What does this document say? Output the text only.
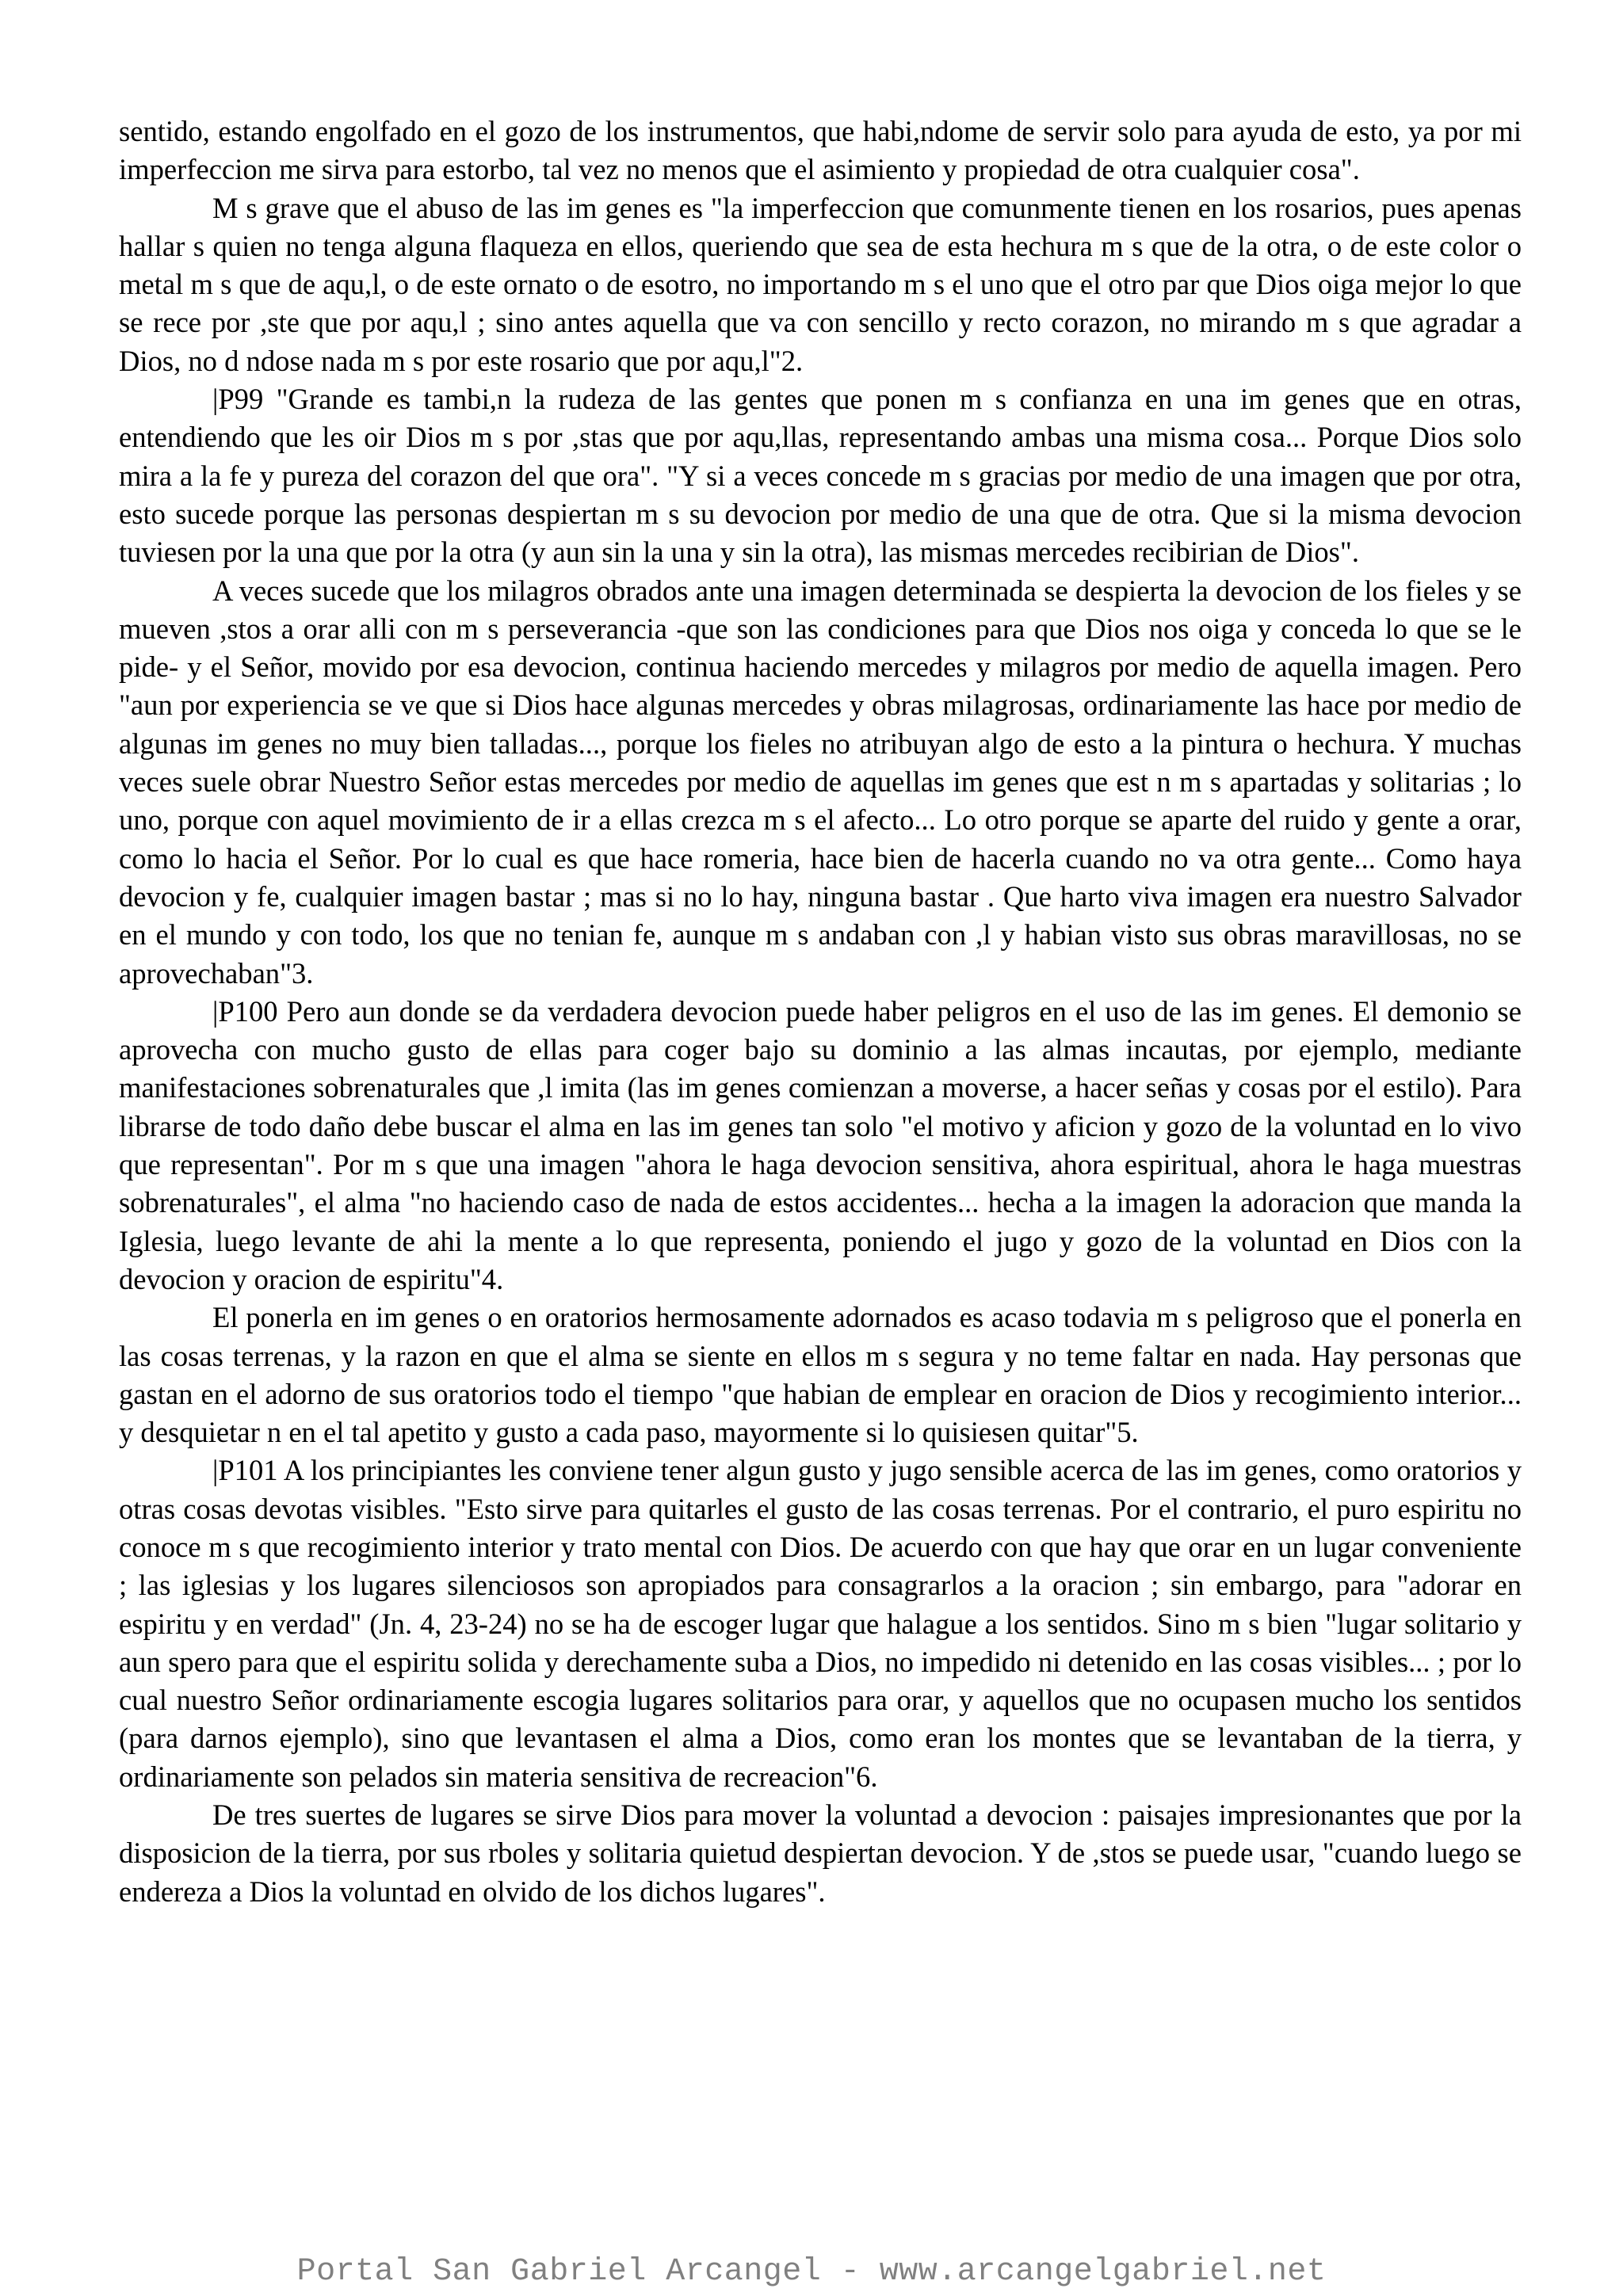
sentido, estando engolfado en el gozo de los instrumentos, que habi,ndome de servir solo para ayuda de esto, ya por mi imperfeccion me sirva para estorbo, tal vez no menos que el asimiento y propiedad de otra cualquier cosa".

M s grave que el abuso de las im genes es "la imperfeccion que comunmente tienen en los rosarios, pues apenas hallar s quien no tenga alguna flaqueza en ellos, queriendo que sea de esta hechura m s que de la otra, o de este color o metal m s que de aqu,l, o de este ornato o de esotro, no importando m s el uno que el otro par que Dios oiga mejor lo que se rece por ,ste que por aqu,l ; sino antes aquella que va con sencillo y recto corazon, no mirando m s que agradar a Dios, no d ndose nada m s por este rosario que por aqu,l"2.

|P99 "Grande es tambi,n la rudeza de las gentes que ponen m s confianza en una im genes que en otras, entendiendo que les oir Dios m s por ,stas que por aqu,llas, representando ambas una misma cosa... Porque Dios solo mira a la fe y pureza del corazon del que ora". "Y si a veces concede m s gracias por medio de una imagen que por otra, esto sucede porque las personas despiertan m s su devocion por medio de una que de otra. Que si la misma devocion tuviesen por la una que por la otra (y aun sin la una y sin la otra), las mismas mercedes recibirian de Dios".

A veces sucede que los milagros obrados ante una imagen determinada se despierta la devocion de los fieles y se mueven ,stos a orar alli con m s perseverancia -que son las condiciones para que Dios nos oiga y conceda lo que se le pide- y el Señor, movido por esa devocion, continua haciendo mercedes y milagros por medio de aquella imagen. Pero "aun por experiencia se ve que si Dios hace algunas mercedes y obras milagrosas, ordinariamente las hace por medio de algunas im genes no muy bien talladas..., porque los fieles no atribuyan algo de esto a la pintura o hechura. Y muchas veces suele obrar Nuestro Señor estas mercedes por medio de aquellas im genes que est n m s apartadas y solitarias ; lo uno, porque con aquel movimiento de ir a ellas crezca m s el afecto... Lo otro porque se aparte del ruido y gente a orar, como lo hacia el Señor. Por lo cual es que hace romeria, hace bien de hacerla cuando no va otra gente... Como haya devocion y fe, cualquier imagen bastar ; mas si no lo hay, ninguna bastar . Que harto viva imagen era nuestro Salvador en el mundo y con todo, los que no tenian fe, aunque m s andaban con ,l y habian visto sus obras maravillosas, no se aprovechaban"3.

|P100 Pero aun donde se da verdadera devocion puede haber peligros en el uso de las im genes. El demonio se aprovecha con mucho gusto de ellas para coger bajo su dominio a las almas incautas, por ejemplo, mediante manifestaciones sobrenaturales que ,l imita (las im genes comienzan a moverse, a hacer señas y cosas por el estilo). Para librarse de todo daño debe buscar el alma en las im genes tan solo "el motivo y aficion y gozo de la voluntad en lo vivo que representan". Por m s que una imagen "ahora le haga devocion sensitiva, ahora espiritual, ahora le haga muestras sobrenaturales", el alma "no haciendo caso de nada de estos accidentes... hecha a la imagen la adoracion que manda la Iglesia, luego levante de ahi la mente a lo que representa, poniendo el jugo y gozo de la voluntad en Dios con la devocion y oracion de espiritu"4.

El ponerla en im genes o en oratorios hermosamente adornados es acaso todavia m s peligroso que el ponerla en las cosas terrenas, y la razon en que el alma se siente en ellos m s segura y no teme faltar en nada. Hay personas que gastan en el adorno de sus oratorios todo el tiempo "que habian de emplear en oracion de Dios y recogimiento interior... y desquietar n en el tal apetito y gusto a cada paso, mayormente si lo quisiesen quitar"5.

|P101 A los principiantes les conviene tener algun gusto y jugo sensible acerca de las im genes, como oratorios y otras cosas devotas visibles. "Esto sirve para quitarles el gusto de las cosas terrenas. Por el contrario, el puro espiritu no conoce m s que recogimiento interior y trato mental con Dios. De acuerdo con que hay que orar en un lugar conveniente ; las iglesias y los lugares silenciosos son apropiados para consagrarlos a la oracion ; sin embargo, para "adorar en espiritu y en verdad" (Jn. 4, 23-24) no se ha de escoger lugar que halague a los sentidos. Sino m s bien "lugar solitario y aun spero para que el espiritu solida y derechamente suba a Dios, no impedido ni detenido en las cosas visibles... ; por lo cual nuestro Señor ordinariamente escogia lugares solitarios para orar, y aquellos que no ocupasen mucho los sentidos (para darnos ejemplo), sino que levantasen el alma a Dios, como eran los montes que se levantaban de la tierra, y ordinariamente son pelados sin materia sensitiva de recreacion"6.

De tres suertes de lugares se sirve Dios para mover la voluntad a devocion : paisajes impresionantes que por la disposicion de la tierra, por sus rboles y solitaria quietud despiertan devocion. Y de ,stos se puede usar, "cuando luego se endereza a Dios la voluntad en olvido de los dichos lugares".

Portal San Gabriel Arcangel - www.arcangelgabriel.net
